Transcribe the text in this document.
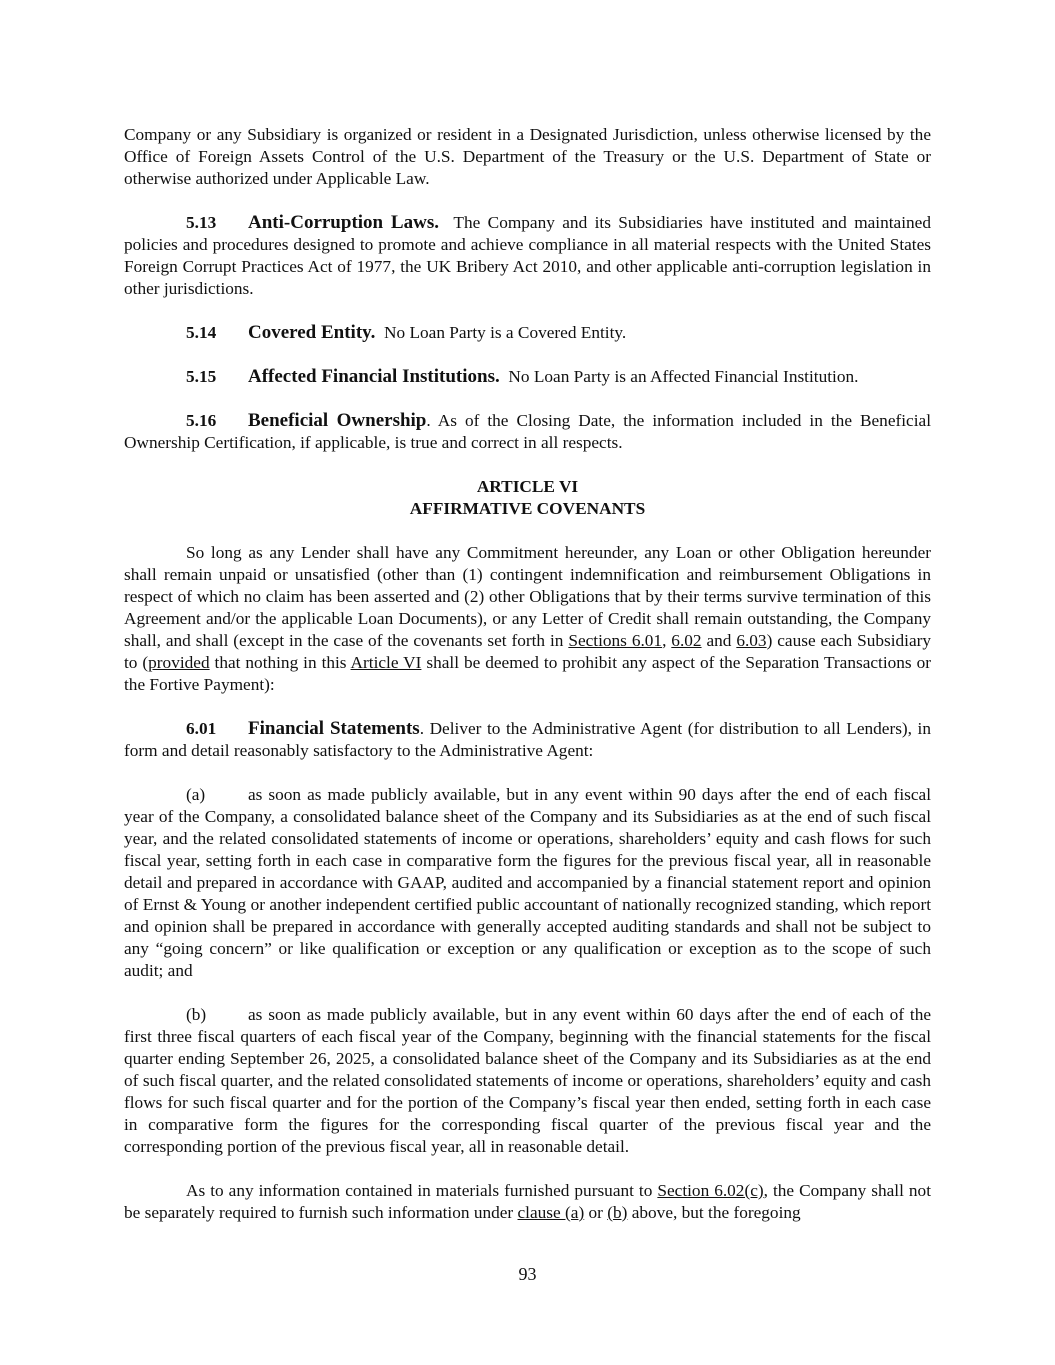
Company or any Subsidiary is organized or resident in a Designated Jurisdiction, unless otherwise licensed by the Office of Foreign Assets Control of the U.S. Department of the Treasury or the U.S. Department of State or otherwise authorized under Applicable Law.

5.13 Anti-Corruption Laws. The Company and its Subsidiaries have instituted and maintained policies and procedures designed to promote and achieve compliance in all material respects with the United States Foreign Corrupt Practices Act of 1977, the UK Bribery Act 2010, and other applicable anti-corruption legislation in other jurisdictions.

5.14 Covered Entity. No Loan Party is a Covered Entity.

5.15 Affected Financial Institutions. No Loan Party is an Affected Financial Institution.

5.16 Beneficial Ownership. As of the Closing Date, the information included in the Beneficial Ownership Certification, if applicable, is true and correct in all respects.

ARTICLE VI
AFFIRMATIVE COVENANTS

So long as any Lender shall have any Commitment hereunder, any Loan or other Obligation hereunder shall remain unpaid or unsatisfied (other than (1) contingent indemnification and reimbursement Obligations in respect of which no claim has been asserted and (2) other Obligations that by their terms survive termination of this Agreement and/or the applicable Loan Documents), or any Letter of Credit shall remain outstanding, the Company shall, and shall (except in the case of the covenants set forth in Sections 6.01, 6.02 and 6.03) cause each Subsidiary to (provided that nothing in this Article VI shall be deemed to prohibit any aspect of the Separation Transactions or the Fortive Payment):

6.01 Financial Statements. Deliver to the Administrative Agent (for distribution to all Lenders), in form and detail reasonably satisfactory to the Administrative Agent:

(a) as soon as made publicly available, but in any event within 90 days after the end of each fiscal year of the Company, a consolidated balance sheet of the Company and its Subsidiaries as at the end of such fiscal year, and the related consolidated statements of income or operations, shareholders’ equity and cash flows for such fiscal year, setting forth in each case in comparative form the figures for the previous fiscal year, all in reasonable detail and prepared in accordance with GAAP, audited and accompanied by a financial statement report and opinion of Ernst & Young or another independent certified public accountant of nationally recognized standing, which report and opinion shall be prepared in accordance with generally accepted auditing standards and shall not be subject to any “going concern” or like qualification or exception or any qualification or exception as to the scope of such audit; and

(b) as soon as made publicly available, but in any event within 60 days after the end of each of the first three fiscal quarters of each fiscal year of the Company, beginning with the financial statements for the fiscal quarter ending September 26, 2025, a consolidated balance sheet of the Company and its Subsidiaries as at the end of such fiscal quarter, and the related consolidated statements of income or operations, shareholders’ equity and cash flows for such fiscal quarter and for the portion of the Company’s fiscal year then ended, setting forth in each case in comparative form the figures for the corresponding fiscal quarter of the previous fiscal year and the corresponding portion of the previous fiscal year, all in reasonable detail.

As to any information contained in materials furnished pursuant to Section 6.02(c), the Company shall not be separately required to furnish such information under clause (a) or (b) above, but the foregoing

93
